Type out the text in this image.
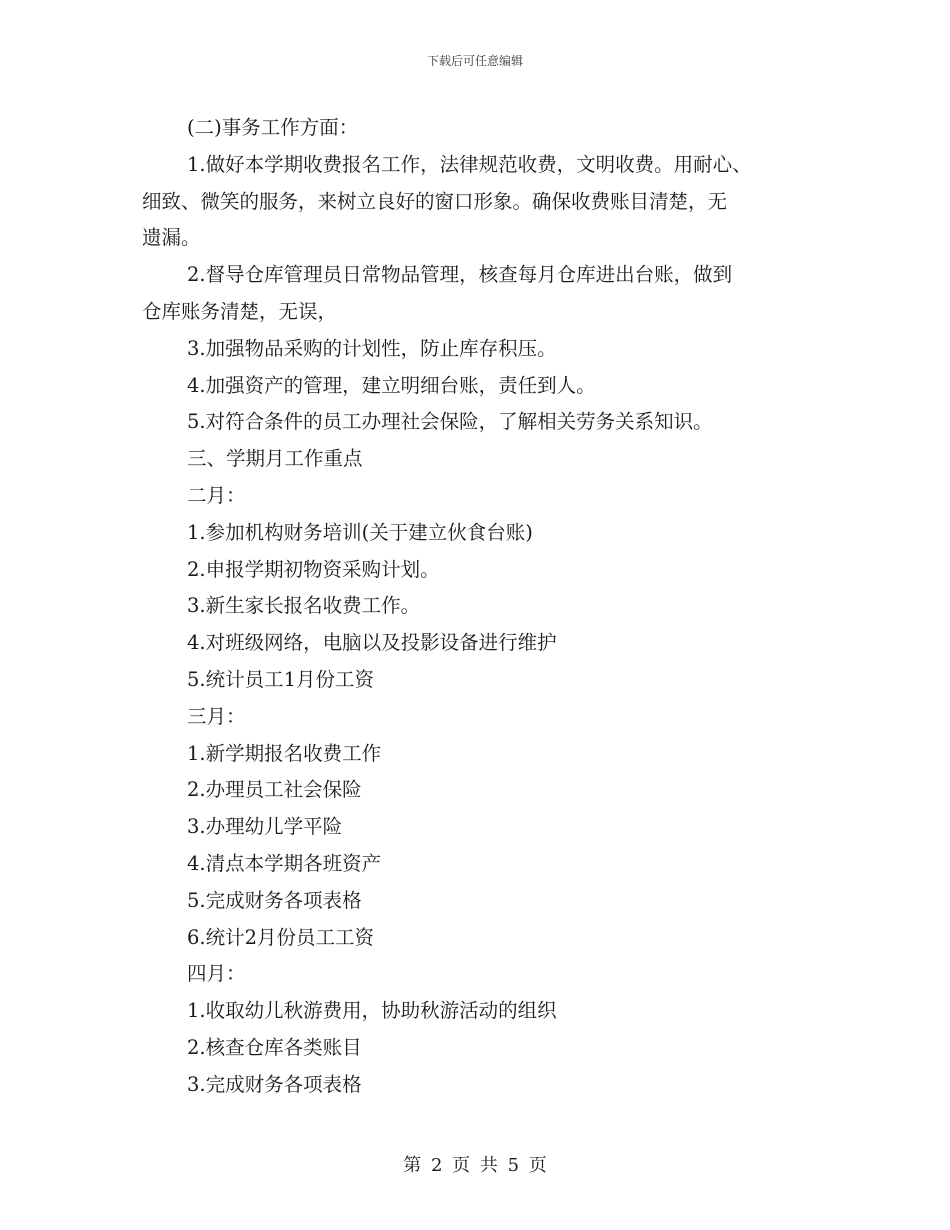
下载后可任意编辑

(二)事务工作方面：

1.做好本学期收费报名工作，法律规范收费，文明收费。用耐心、
细致、微笑的服务，来树立良好的窗口形象。确保收费账目清楚，无
遗漏。

2.督导仓库管理员日常物品管理，核查每月仓库进出台账，做到
仓库账务清楚，无误，

3.加强物品采购的计划性，防止库存积压。

4.加强资产的管理，建立明细台账，责任到人。

5.对符合条件的员工办理社会保险，了解相关劳务关系知识。

三、学期月工作重点

二月：

1.参加机构财务培训(关于建立伙食台账)

2.申报学期初物资采购计划。

3.新生家长报名收费工作。

4.对班级网络，电脑以及投影设备进行维护

5.统计员工1月份工资

三月：

1.新学期报名收费工作

2.办理员工社会保险

3.办理幼儿学平险

4.清点本学期各班资产

5.完成财务各项表格

6.统计2月份员工工资

四月：

1.收取幼儿秋游费用，协助秋游活动的组织

2.核查仓库各类账目

3.完成财务各项表格

第 2 页 共 5 页
